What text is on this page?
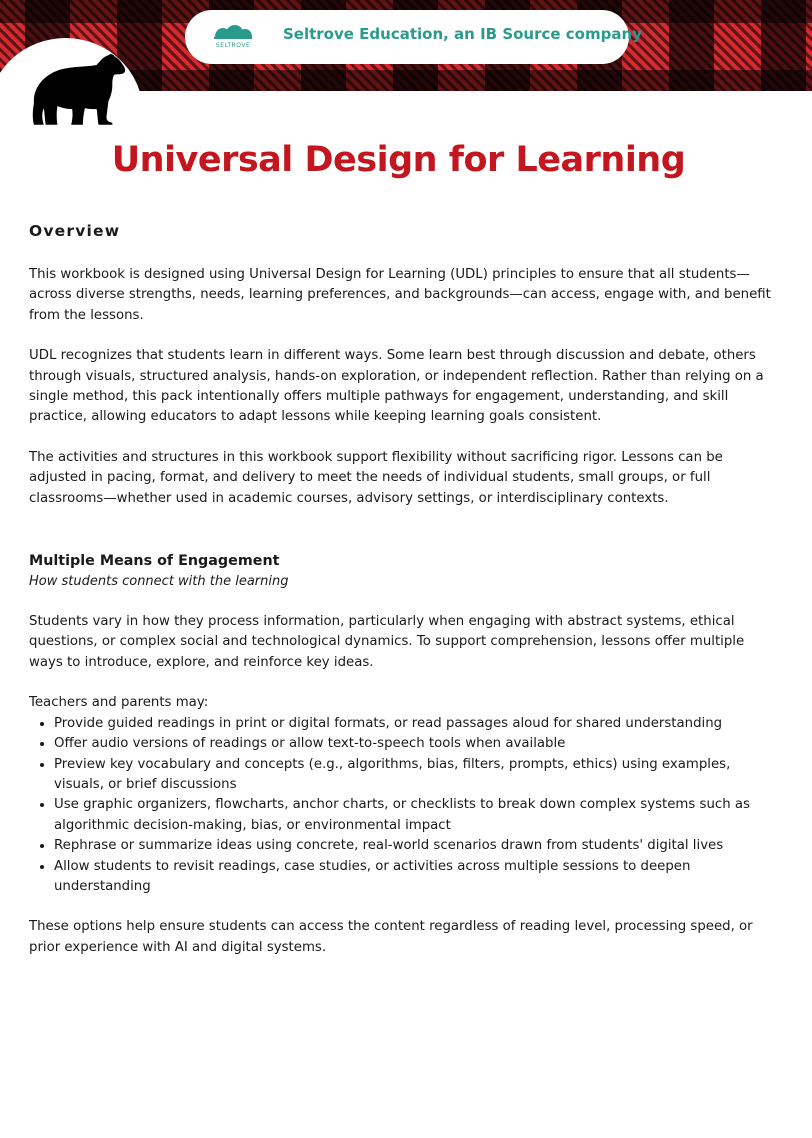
SELTROVE
Seltrove Education, an IB Source company
Universal Design for Learning
Overview

This workbook is designed using Universal Design for Learning (UDL) principles to ensure that all students—across diverse strengths, needs, learning preferences, and backgrounds—can access, engage with, and benefit from the lessons.

UDL recognizes that students learn in different ways. Some learn best through discussion and debate, others through visuals, structured analysis, hands-on exploration, or independent reflection. Rather than relying on a single method, this pack intentionally offers multiple pathways for engagement, understanding, and skill practice, allowing educators to adapt lessons while keeping learning goals consistent.

The activities and structures in this workbook support flexibility without sacrificing rigor. Lessons can be adjusted in pacing, format, and delivery to meet the needs of individual students, small groups, or full classrooms—whether used in academic courses, advisory settings, or interdisciplinary contexts.

Multiple Means of Engagement

How students connect with the learning

Students vary in how they process information, particularly when engaging with abstract systems, ethical questions, or complex social and technological dynamics. To support comprehension, lessons offer multiple ways to introduce, explore, and reinforce key ideas.

Teachers and parents may:

• Provide guided readings in print or digital formats, or read passages aloud for shared understanding
• Offer audio versions of readings or allow text-to-speech tools when available
• Preview key vocabulary and concepts (e.g., algorithms, bias, filters, prompts, ethics) using examples, visuals, or brief discussions
• Use graphic organizers, flowcharts, anchor charts, or checklists to break down complex systems such as algorithmic decision-making, bias, or environmental impact
• Rephrase or summarize ideas using concrete, real-world scenarios drawn from students' digital lives
• Allow students to revisit readings, case studies, or activities across multiple sessions to deepen understanding

These options help ensure students can access the content regardless of reading level, processing speed, or prior experience with AI and digital systems.
